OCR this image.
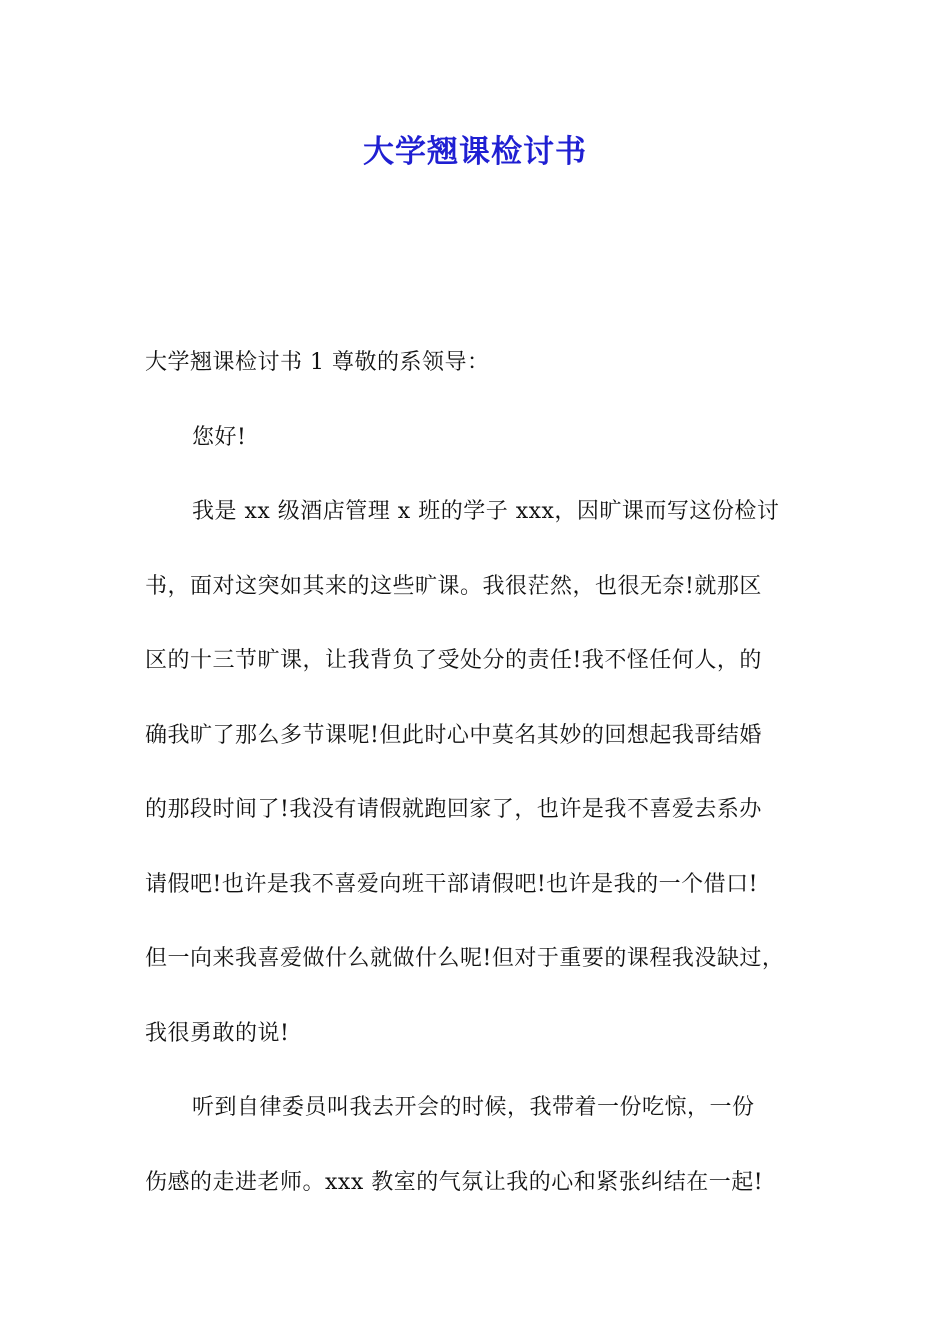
大学翘课检讨书
大学翘课检讨书 1 尊敬的系领导：
您好!
我是 xx 级酒店管理 x 班的学子 xxx，因旷课而写这份检讨
书，面对这突如其来的这些旷课。我很茫然，也很无奈!就那区
区的十三节旷课，让我背负了受处分的责任!我不怪任何人，的
确我旷了那么多节课呢!但此时心中莫名其妙的回想起我哥结婚
的那段时间了!我没有请假就跑回家了，也许是我不喜爱去系办
请假吧!也许是我不喜爱向班干部请假吧!也许是我的一个借口!
但一向来我喜爱做什么就做什么呢!但对于重要的课程我没缺过，
我很勇敢的说!
听到自律委员叫我去开会的时候，我带着一份吃惊，一份
伤感的走进老师。xxx 教室的气氛让我的心和紧张纠结在一起!
